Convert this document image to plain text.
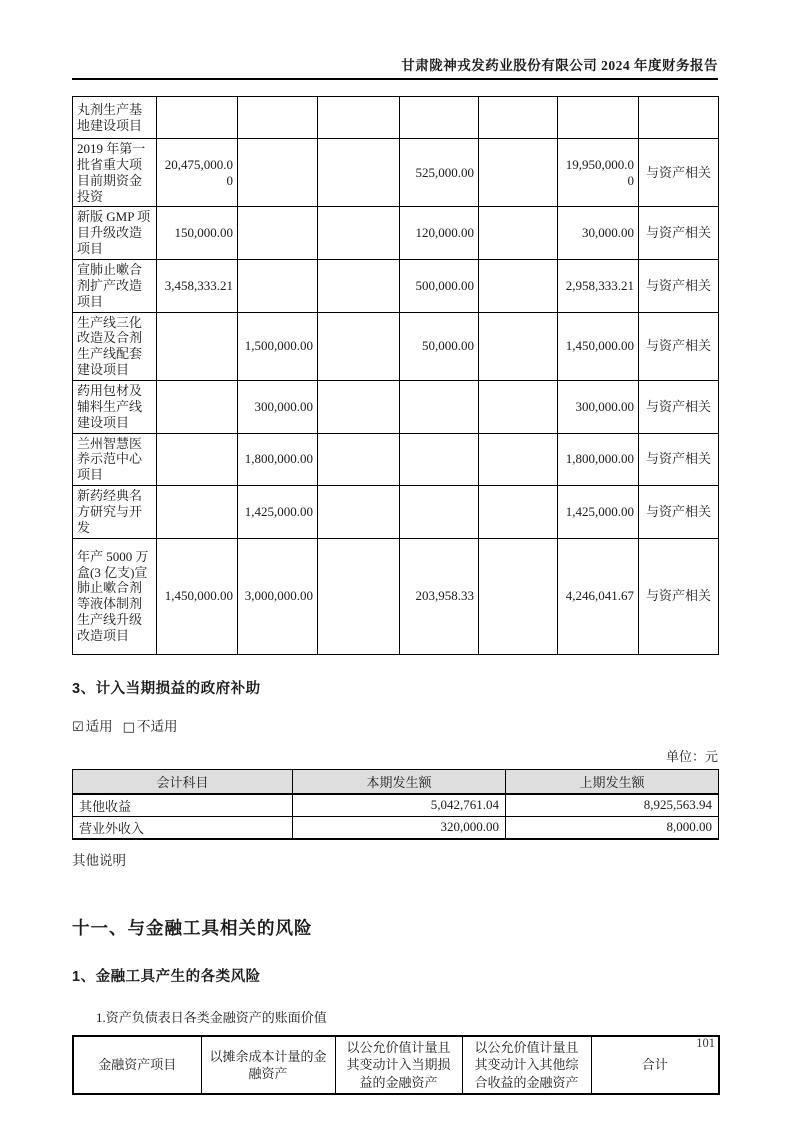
甘肃陇神戎发药业股份有限公司 2024 年度财务报告
丸剂生产基地建设项目							
2019 年第一批省重大项目前期资金投资	20,475,000.00			525,000.00		19,950,000.00	与资产相关
新版 GMP 项目升级改造项目	150,000.00			120,000.00		30,000.00	与资产相关
宣肺止嗽合剂扩产改造项目	3,458,333.21			500,000.00		2,958,333.21	与资产相关
生产线三化改造及合剂生产线配套建设项目		1,500,000.00		50,000.00		1,450,000.00	与资产相关
药用包材及辅料生产线建设项目		300,000.00				300,000.00	与资产相关
兰州智慧医养示范中心项目		1,800,000.00				1,800,000.00	与资产相关
新药经典名方研究与开发		1,425,000.00				1,425,000.00	与资产相关
年产 5000 万盒(3 亿支)宣肺止嗽合剂等液体制剂生产线升级改造项目	1,450,000.00	3,000,000.00		203,958.33		4,246,041.67	与资产相关
3、计入当期损益的政府补助
☑ 适用 □ 不适用
单位：元
会计科目	本期发生额	上期发生额
其他收益	5,042,761.04	8,925,563.94
营业外收入	320,000.00	8,000.00
其他说明
十一、与金融工具相关的风险
1、金融工具产生的各类风险
1.资产负债表日各类金融资产的账面价值
金融资产项目	以摊余成本计量的金融资产	以公允价值计量且其变动计入当期损益的金融资产	以公允价值计量且其变动计入其他综合收益的金融资产	合计
101
